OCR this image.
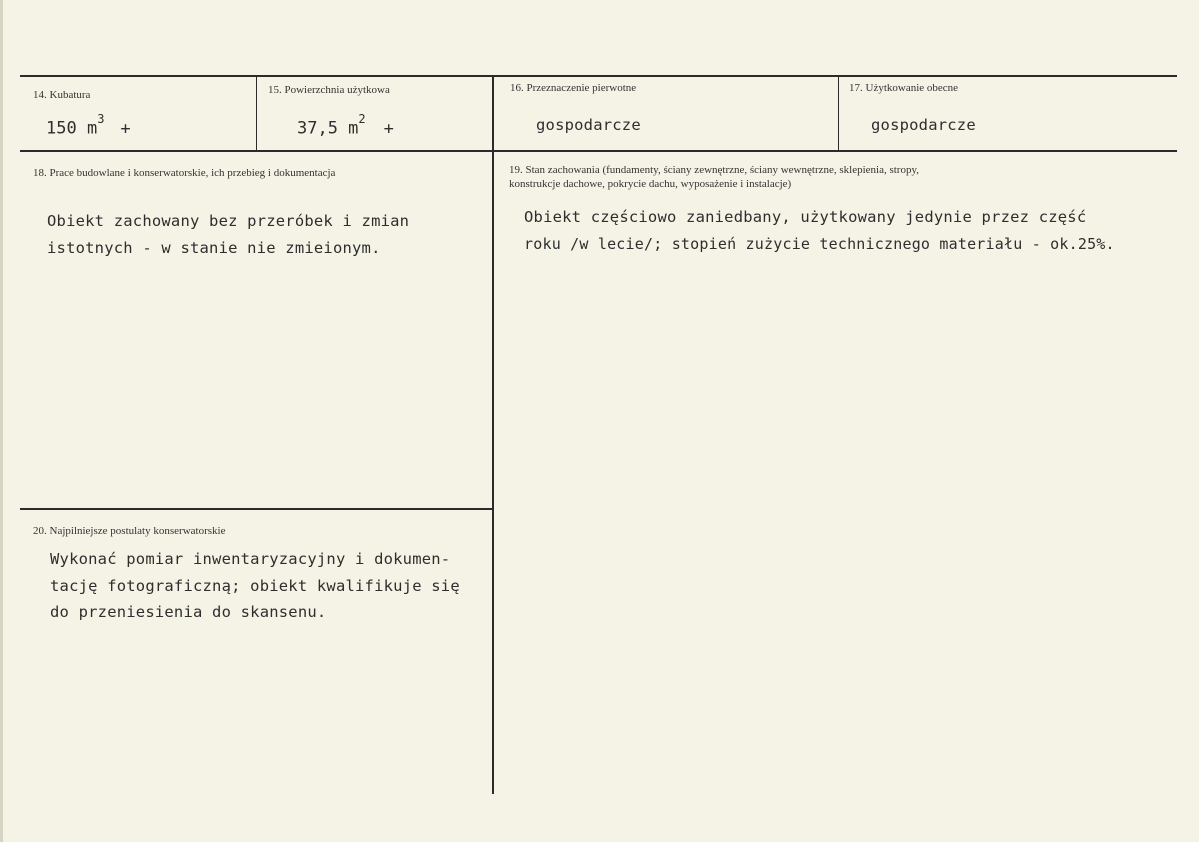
14. Kubatura
150 $m^3$ +
15. Powierzchnia użytkowa
37,5 $m^2$ +
16. Przeznaczenie pierwotne
gospodarcze
17. Użytkowanie obecne
gospodarcze
18. Prace budowlane i konserwatorskie, ich przebieg i dokumentacja
Obiekt zachowany bez przeróbek i zmian
istotnych - w stanie nie zmieionym.
19. Stan zachowania (fundamenty, ściany zewnętrzne, ściany wewnętrzne, sklepienia, stropy,
konstrukcje dachowe, pokrycie dachu, wyposażenie i instalacje)
Obiekt częściowo zaniedbany, użytkowany jedynie przez część
roku /w lecie/; stopień zużycie technicznego materiału - ok.25%.
20. Najpilniejsze postulaty konserwatorskie
Wykonać pomiar inwentaryzacyjny i dokumen-
tację fotograficzną; obiekt kwalifikuje się
do przeniesienia do skansenu.
